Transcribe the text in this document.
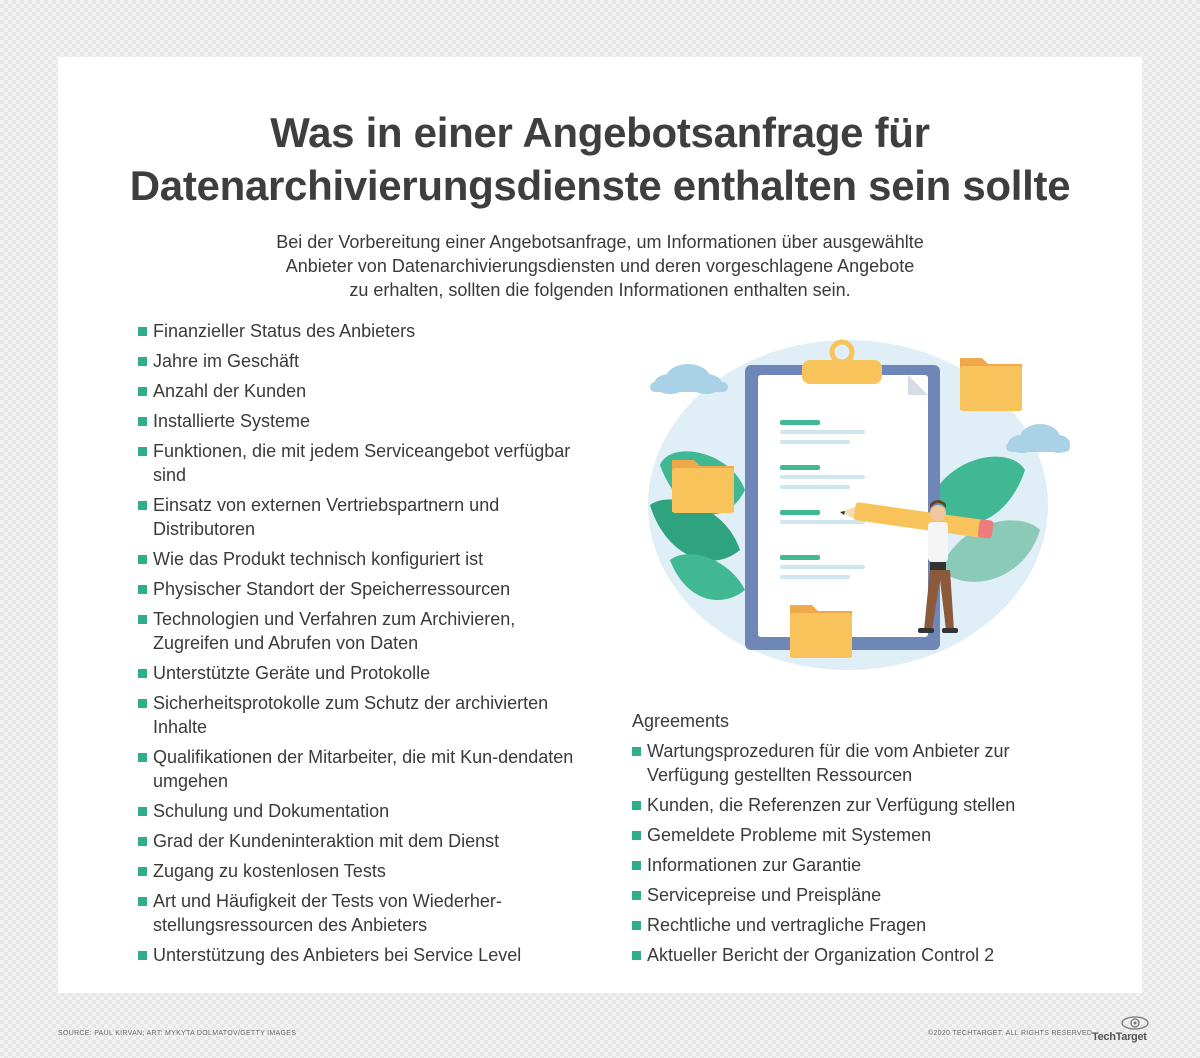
Was in einer Angebotsanfrage für
Datenarchivierungsdienste enthalten sein sollte

Bei der Vorbereitung einer Angebotsanfrage, um Informationen über ausgewählte
Anbieter von Datenarchivierungsdiensten und deren vorgeschlagene Angebote
zu erhalten, sollten die folgenden Informationen enthalten sein.

Finanzieller Status des Anbieters
Jahre im Geschäft
Anzahl der Kunden
Installierte Systeme
Funktionen, die mit jedem Serviceangebot verfügbar sind
Einsatz von externen Vertriebspartnern und Distributoren
Wie das Produkt technisch konfiguriert ist
Physischer Standort der Speicherressourcen
Technologien und Verfahren zum Archivieren, Zugreifen und Abrufen von Daten
Unterstützte Geräte und Protokolle
Sicherheitsprotokolle zum Schutz der archivierten Inhalte
Qualifikationen der Mitarbeiter, die mit Kun-dendaten umgehen
Schulung und Dokumentation
Grad der Kundeninteraktion mit dem Dienst
Zugang zu kostenlosen Tests
Art und Häufigkeit der Tests von Wiederher-stellungsressourcen des Anbieters
Unterstützung des Anbieters bei Service Level
Agreements
Wartungsprozeduren für die vom Anbieter zur Verfügung gestellten Ressourcen
Kunden, die Referenzen zur Verfügung stellen
Gemeldete Probleme mit Systemen
Informationen zur Garantie
Servicepreise und Preispläne
Rechtliche und vertragliche Fragen
Aktueller Bericht der Organization Control 2
SOURCE: PAUL KIRVAN; ART: MYKYTA DOLMATOV/GETTY IMAGES	©2020 TECHTARGET. ALL RIGHTS RESERVED TechTarget
